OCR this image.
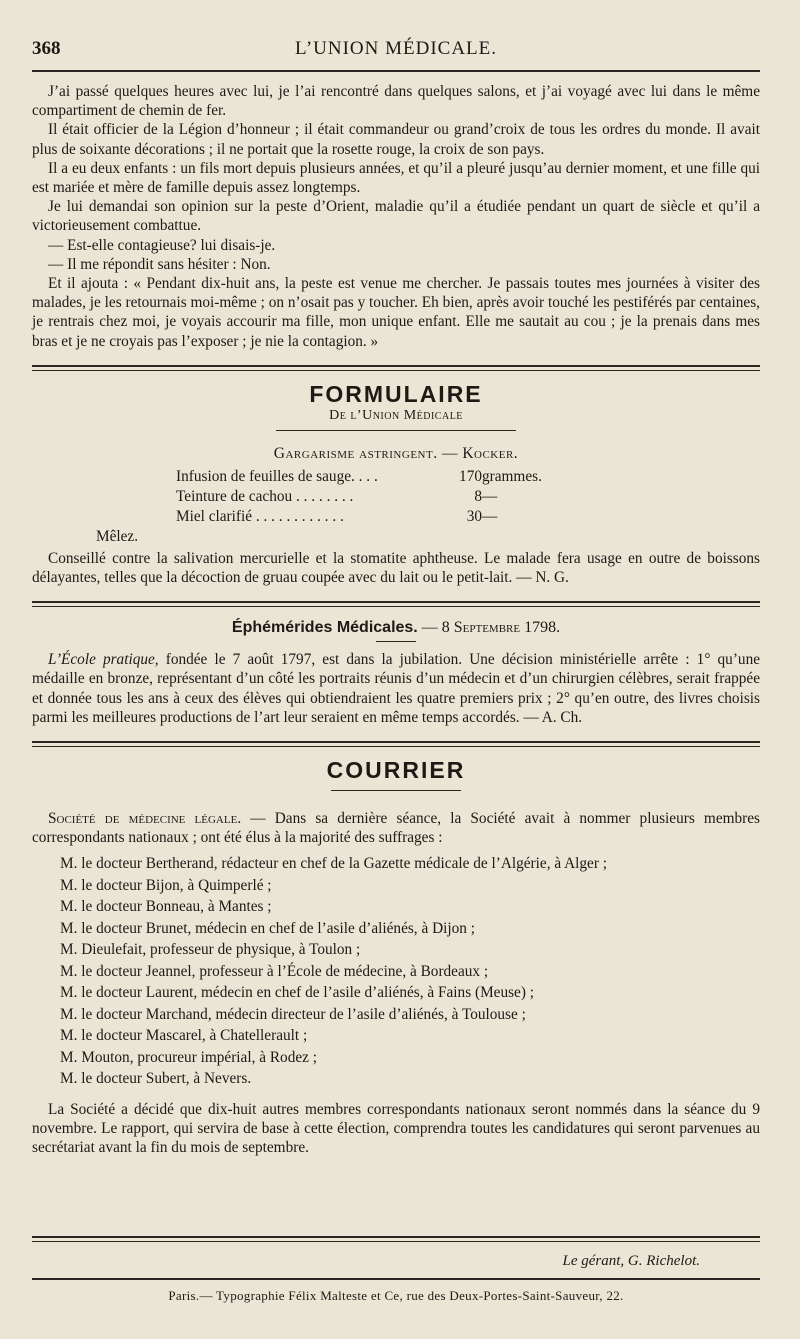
368	L’UNION MÉDICALE.

J’ai passé quelques heures avec lui, je l’ai rencontré dans quelques salons, et j’ai voyagé avec lui dans le même compartiment de chemin de fer.

Il était officier de la Légion d’honneur ; il était commandeur ou grand’croix de tous les ordres du monde. Il avait plus de soixante décorations ; il ne portait que la rosette rouge, la croix de son pays.

Il a eu deux enfants : un fils mort depuis plusieurs années, et qu’il a pleuré jusqu’au dernier moment, et une fille qui est mariée et mère de famille depuis assez longtemps.

Je lui demandai son opinion sur la peste d’Orient, maladie qu’il a étudiée pendant un quart de siècle et qu’il a victorieusement combattue.

— Est-elle contagieuse? lui disais-je.

— Il me répondit sans hésiter : Non.

Et il ajouta : « Pendant dix-huit ans, la peste est venue me chercher. Je passais toutes mes journées à visiter des malades, je les retournais moi-même ; on n’osait pas y toucher. Eh bien, après avoir touché les pestiférés par centaines, je rentrais chez moi, je voyais accourir ma fille, mon unique enfant. Elle me sautait au cou ; je la prenais dans mes bras et je ne croyais pas l’exposer ; je nie la contagion. »

FORMULAIRE
De l’Union Médicale
Gargarisme astringent. — Kocker.
Infusion de feuilles de sauge. . . .	170	grammes.
Teinture de cachou . . . . . . . .	8	—
Miel clarifié . . . . . . . . . . . .	30	—
Mêlez.

Conseillé contre la salivation mercurielle et la stomatite aphtheuse. Le malade fera usage en outre de boissons délayantes, telles que la décoction de gruau coupée avec du lait ou le petit-lait. — N. G.

Éphémérides Médicales. — 8 Septembre 1798.

L’École pratique, fondée le 7 août 1797, est dans la jubilation. Une décision ministérielle arrête : 1° qu’une médaille en bronze, représentant d’un côté les portraits réunis d’un médecin et d’un chirurgien célèbres, serait frappée et donnée tous les ans à ceux des élèves qui obtiendraient les quatre premiers prix ; 2° qu’en outre, des livres choisis parmi les meilleures productions de l’art leur seraient en même temps accordés. — A. Ch.

COURRIER

Société de médecine légale. — Dans sa dernière séance, la Société avait à nommer plusieurs membres correspondants nationaux ; ont été élus à la majorité des suffrages :

M. le docteur Bertherand, rédacteur en chef de la Gazette médicale de l’Algérie, à Alger ;

M. le docteur Bijon, à Quimperlé ;

M. le docteur Bonneau, à Mantes ;

M. le docteur Brunet, médecin en chef de l’asile d’aliénés, à Dijon ;

M. Dieulefait, professeur de physique, à Toulon ;

M. le docteur Jeannel, professeur à l’École de médecine, à Bordeaux ;

M. le docteur Laurent, médecin en chef de l’asile d’aliénés, à Fains (Meuse) ;

M. le docteur Marchand, médecin directeur de l’asile d’aliénés, à Toulouse ;

M. le docteur Mascarel, à Chatellerault ;

M. Mouton, procureur impérial, à Rodez ;

M. le docteur Subert, à Nevers.

La Société a décidé que dix-huit autres membres correspondants nationaux seront nommés dans la séance du 9 novembre. Le rapport, qui servira de base à cette élection, comprendra toutes les candidatures qui seront parvenues au secrétariat avant la fin du mois de septembre.

Le gérant, G. Richelot.
Paris.— Typographie Félix Malteste et Ce, rue des Deux-Portes-Saint-Sauveur, 22.
